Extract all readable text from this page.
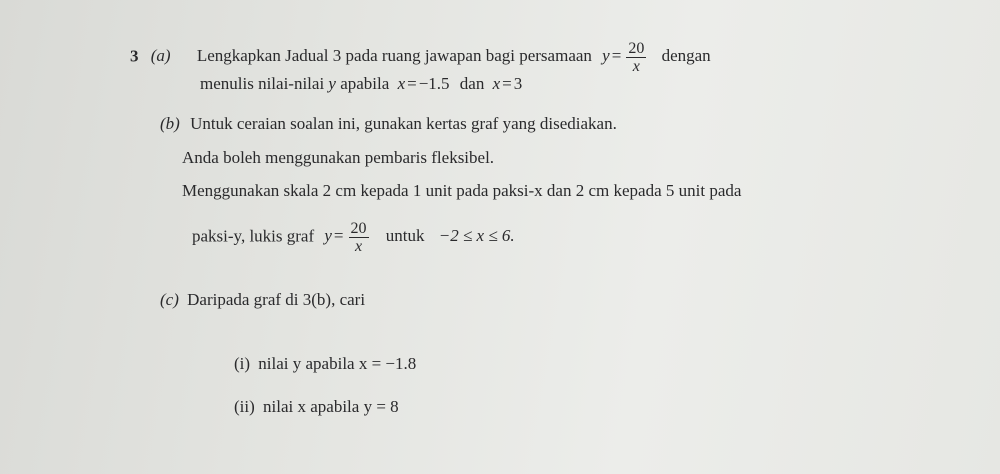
3 (a) Lengkapkan Jadual 3 pada ruang jawapan bagi persamaan $y = \frac{20}{x}$ dengan
menulis nilai-nilai y apabila x = −1.5 dan x = 3
(b) Untuk ceraian soalan ini, gunakan kertas graf yang disediakan.
Anda boleh menggunakan pembaris fleksibel.
Menggunakan skala 2 cm kepada 1 unit pada paksi-x dan 2 cm kepada 5 unit pada
paksi-y, lukis graf $y = \frac{20}{x}$ untuk −2 ≤ x ≤ 6.
(c) Daripada graf di 3(b), cari
(i) nilai y apabila x = −1.8
(ii) nilai x apabila y = 8
